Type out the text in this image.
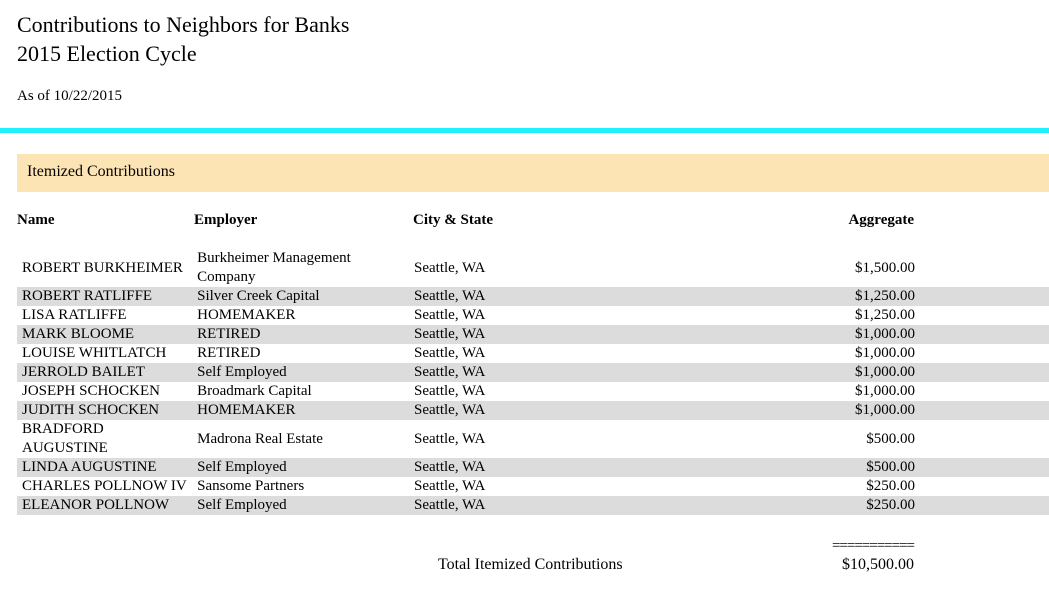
Contributions to Neighbors for Banks
2015 Election Cycle
As of 10/22/2015
Itemized Contributions
Name	Employer	City & State	Aggregate
ROBERT BURKHEIMER	Burkheimer Management Company	Seattle, WA	$1,500.00
ROBERT RATLIFFE	Silver Creek Capital	Seattle, WA	$1,250.00
LISA RATLIFFE	HOMEMAKER	Seattle, WA	$1,250.00
MARK BLOOME	RETIRED	Seattle, WA	$1,000.00
LOUISE WHITLATCH	RETIRED	Seattle, WA	$1,000.00
JERROLD BAILET	Self Employed	Seattle, WA	$1,000.00
JOSEPH SCHOCKEN	Broadmark Capital	Seattle, WA	$1,000.00
JUDITH SCHOCKEN	HOMEMAKER	Seattle, WA	$1,000.00
BRADFORD AUGUSTINE	Madrona Real Estate	Seattle, WA	$500.00
LINDA AUGUSTINE	Self Employed	Seattle, WA	$500.00
CHARLES POLLNOW IV	Sansome Partners	Seattle, WA	$250.00
ELEANOR POLLNOW	Self Employed	Seattle, WA	$250.00
===========
Total Itemized Contributions	$10,500.00
